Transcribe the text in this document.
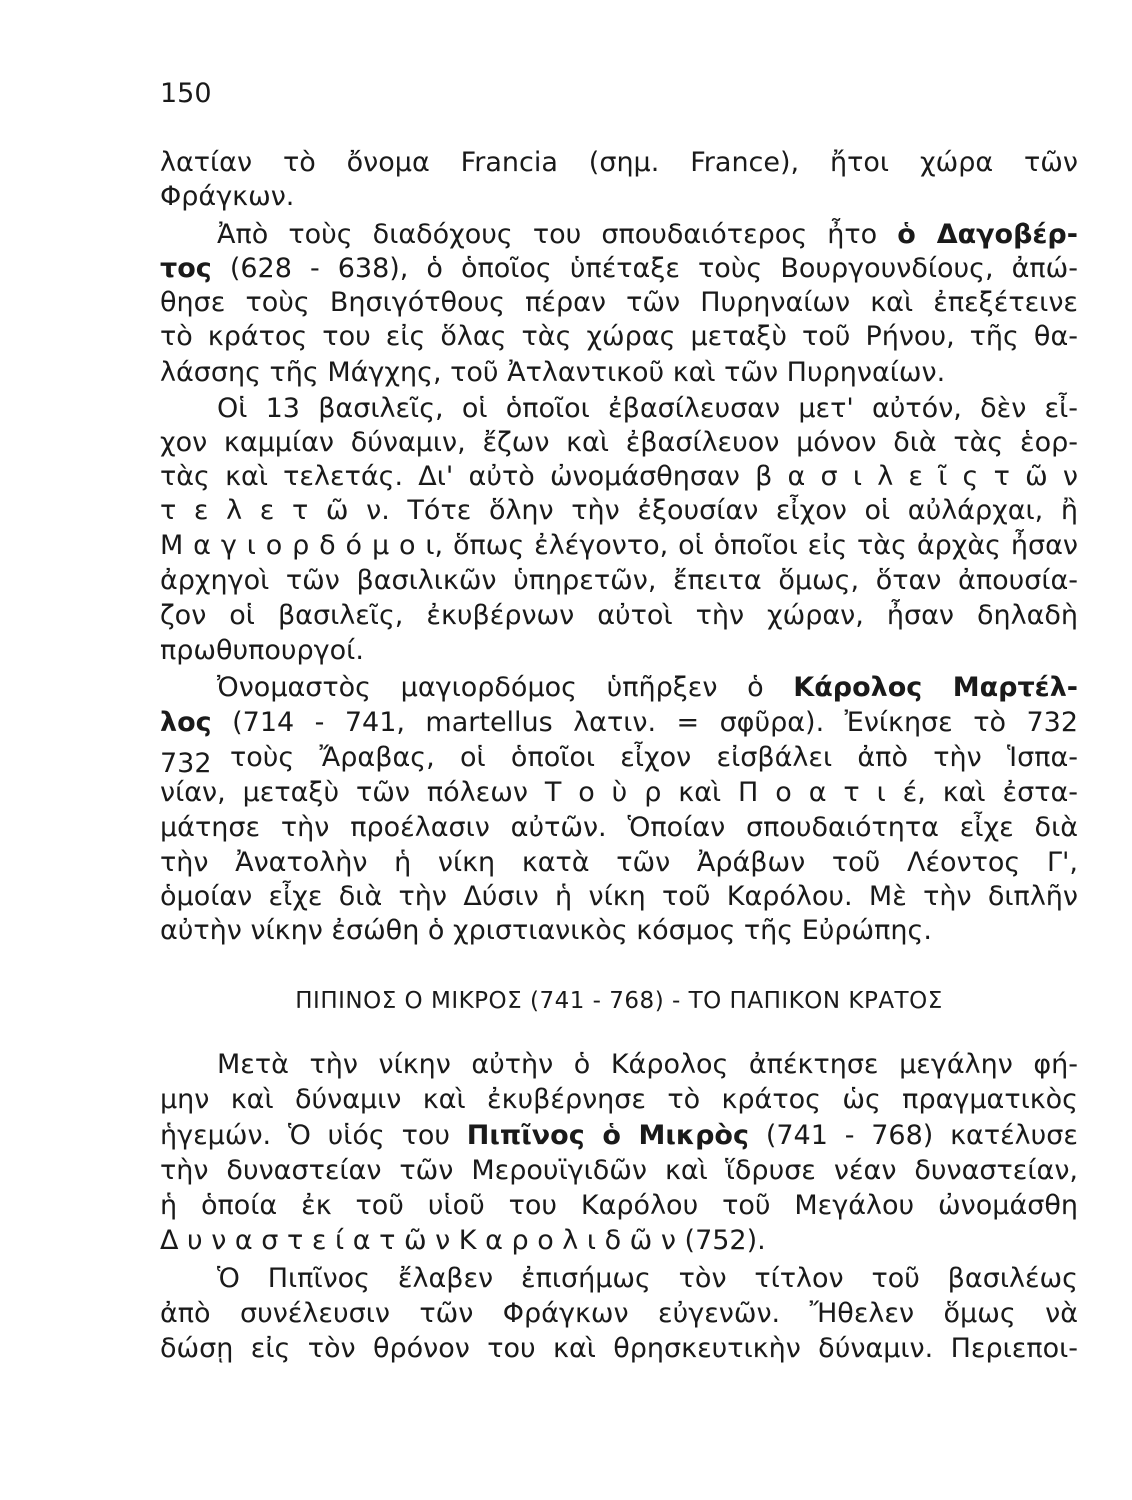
150
732
λατίαν τὸ ὄνομα Francia (σημ. France), ἤτοι χώρα τῶν
Φράγκων.
Ἀπὸ τοὺς διαδόχους του σπουδαιότερος ἦτο ὁ Δαγοβέρ-
τος (628 - 638), ὁ ὁποῖος ὑπέταξε τοὺς Βουργουνδίους, ἀπώ-
θησε τοὺς Βησιγότθους πέραν τῶν Πυρηναίων καὶ ἐπεξέτεινε
τὸ κράτος του εἰς ὅλας τὰς χώρας μεταξὺ τοῦ Ρήνου, τῆς θα-
λάσσης τῆς Μάγχης, τοῦ Ἀτλαντικοῦ καὶ τῶν Πυρηναίων.
Οἱ 13 βασιλεῖς, οἱ ὁποῖοι ἐβασίλευσαν μετ' αὐτόν, δὲν εἶ-
χον καμμίαν δύναμιν, ἔζων καὶ ἐβασίλευον μόνον διὰ τὰς ἑορ-
τὰς καὶ τελετάς. Δι' αὐτὸ ὠνομάσθησαν β α σ ι λ ε ῖ ς τ ῶ ν
τ ε λ ε τ ῶ ν. Τότε ὅλην τὴν ἐξουσίαν εἶχον οἱ αὐλάρχαι, ἢ
Μ α γ ι ο ρ δ ό μ ο ι, ὅπως ἐλέγοντο, οἱ ὁποῖοι εἰς τὰς ἀρχὰς ἦσαν
ἀρχηγοὶ τῶν βασιλικῶν ὑπηρετῶν, ἔπειτα ὅμως, ὅταν ἀπουσία-
ζον οἱ βασιλεῖς, ἐκυβέρνων αὐτοὶ τὴν χώραν, ἦσαν δηλαδὴ
πρωθυπουργοί.
Ὀνομαστὸς μαγιορδόμος ὑπῆρξεν ὁ Κάρολος Μαρτέλ-
λος (714 - 741, martellus λατιν. = σφῦρα). Ἐνίκησε τὸ 732
τοὺς Ἄραβας, οἱ ὁποῖοι εἶχον εἰσβάλει ἀπὸ τὴν Ἱσπα-
νίαν, μεταξὺ τῶν πόλεων Τ ο ὺ ρ καὶ Π ο α τ ι έ, καὶ ἐστα-
μάτησε τὴν προέλασιν αὐτῶν. Ὁποίαν σπουδαιότητα εἶχε διὰ
τὴν Ἀνατολὴν ἡ νίκη κατὰ τῶν Ἀράβων τοῦ Λέοντος Γ',
ὁμοίαν εἶχε διὰ τὴν Δύσιν ἡ νίκη τοῦ Καρόλου. Μὲ τὴν διπλῆν
αὐτὴν νίκην ἐσώθη ὁ χριστιανικὸς κόσμος τῆς Εὐρώπης.
ΠΙΠΙΝΟΣ Ο ΜΙΚΡΟΣ (741 - 768) - ΤΟ ΠΑΠΙΚΟΝ ΚΡΑΤΟΣ
Μετὰ τὴν νίκην αὐτὴν ὁ Κάρολος ἀπέκτησε μεγάλην φή-
μην καὶ δύναμιν καὶ ἐκυβέρνησε τὸ κράτος ὡς πραγματικὸς
ἡγεμών. Ὁ υἱός του Πιπῖνος ὁ Μικρὸς (741 - 768) κατέλυσε
τὴν δυναστείαν τῶν Μερουϊγιδῶν καὶ ἵδρυσε νέαν δυναστείαν,
ἡ ὁποία ἐκ τοῦ υἱοῦ του Καρόλου τοῦ Μεγάλου ὠνομάσθη
Δ υ ν α σ τ ε ί α τ ῶ ν Κ α ρ ο λ ι δ ῶ ν (752).
Ὁ Πιπῖνος ἔλαβεν ἐπισήμως τὸν τίτλον τοῦ βασιλέως
ἀπὸ συνέλευσιν τῶν Φράγκων εὐγενῶν. Ἤθελεν ὅμως νὰ
δώσῃ εἰς τὸν θρόνον του καὶ θρησκευτικὴν δύναμιν. Περιεποι-
